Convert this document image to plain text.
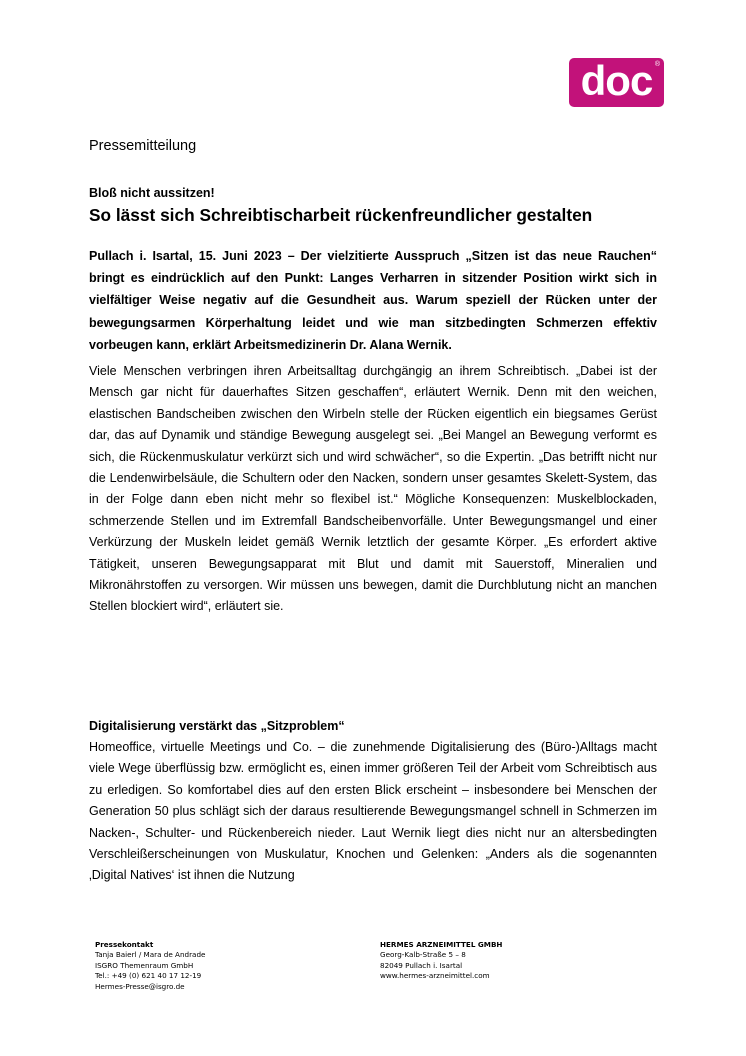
doc ®
Pressemitteilung
Bloß nicht aussitzen!
So lässt sich Schreibtischarbeit rückenfreundlicher gestalten

Pullach i. Isartal, 15. Juni 2023 – Der vielzitierte Ausspruch „Sitzen ist das neue Rauchen“ bringt es eindrücklich auf den Punkt: Langes Verharren in sitzender Position wirkt sich in vielfältiger Weise negativ auf die Gesundheit aus. Warum speziell der Rücken unter der bewegungsarmen Körperhaltung leidet und wie man sitzbedingten Schmerzen effektiv vorbeugen kann, erklärt Arbeitsmedizinerin Dr. Alana Wernik.

Viele Menschen verbringen ihren Arbeitsalltag durchgängig an ihrem Schreibtisch. „Dabei ist der Mensch gar nicht für dauerhaftes Sitzen geschaffen“, erläutert Wernik. Denn mit den weichen, elastischen Bandscheiben zwischen den Wirbeln stelle der Rücken eigentlich ein biegsames Gerüst dar, das auf Dynamik und ständige Bewegung ausgelegt sei. „Bei Mangel an Bewegung verformt es sich, die Rückenmuskulatur verkürzt sich und wird schwächer“, so die Expertin. „Das betrifft nicht nur die Lendenwirbelsäule, die Schultern oder den Nacken, sondern unser gesamtes Skelett-System, das in der Folge dann eben nicht mehr so flexibel ist.“ Mögliche Konsequenzen: Muskelblockaden, schmerzende Stellen und im Extremfall Bandscheibenvorfälle. Unter Bewegungsmangel und einer Verkürzung der Muskeln leidet gemäß Wernik letztlich der gesamte Körper. „Es erfordert aktive Tätigkeit, unseren Bewegungsapparat mit Blut und damit mit Sauerstoff, Mineralien und Mikronährstoffen zu versorgen. Wir müssen uns bewegen, damit die Durchblutung nicht an manchen Stellen blockiert wird“, erläutert sie.

Digitalisierung verstärkt das „Sitzproblem“

Homeoffice, virtuelle Meetings und Co. – die zunehmende Digitalisierung des (Büro-)Alltags macht viele Wege überflüssig bzw. ermöglicht es, einen immer größeren Teil der Arbeit vom Schreibtisch aus zu erledigen. So komfortabel dies auf den ersten Blick erscheint – insbesondere bei Menschen der Generation 50 plus schlägt sich der daraus resultierende Bewegungsmangel schnell in Schmerzen im Nacken-, Schulter- und Rückenbereich nieder. Laut Wernik liegt dies nicht nur an altersbedingten Verschleißerscheinungen von Muskulatur, Knochen und Gelenken: „Anders als die sogenannten ‚Digital Natives‘ ist ihnen die Nutzung

Pressekontakt
Tanja Baierl / Mara de Andrade
ISGRO Themenraum GmbH
Tel.: +49 (0) 621 40 17 12-19
Hermes-Presse@isgro.de
HERMES ARZNEIMITTEL GMBH
Georg-Kalb-Straße 5 – 8
82049 Pullach i. Isartal
www.hermes-arzneimittel.com
